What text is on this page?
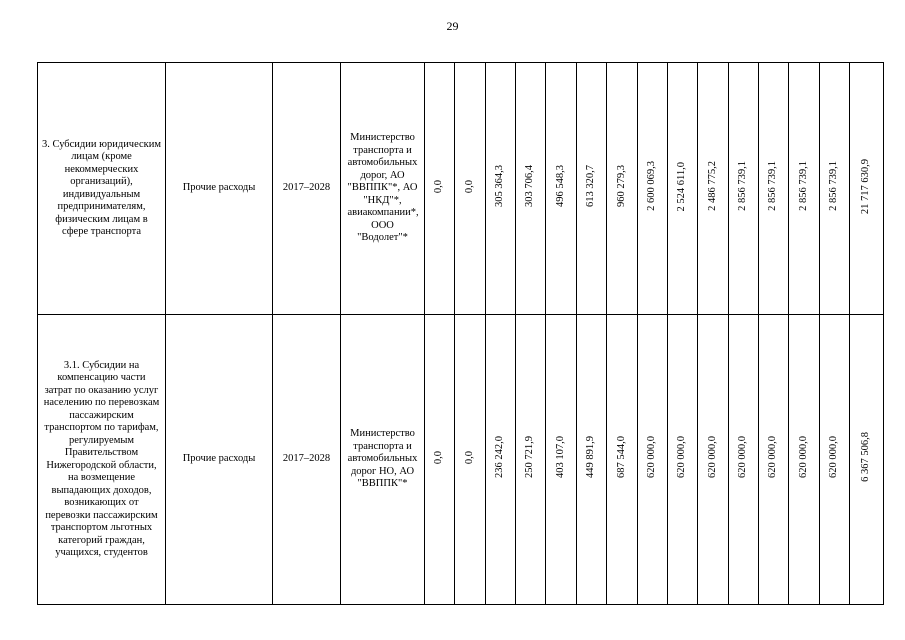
29
3. Субсидии юридическим лицам (кроме некоммерческих организаций), индивидуальным предпринимателям, физическим лицам в сфере транспорта	Прочие расходы	2017–2028	Министерство транспорта и автомобильных дорог, АО "ВВППК"*, АО "НКД"*, авиакомпании*, ООО "Водолет"*	0,0	0,0	305 364,3	303 706,4	496 548,3	613 320,7	960 279,3	2 600 069,3	2 524 611,0	2 486 775,2	2 856 739,1	2 856 739,1	2 856 739,1	2 856 739,1	21 717 630,9
3.1. Субсидии на компенсацию части затрат по оказанию услуг населению по перевозкам пассажирским транспортом по тарифам, регулируемым Правительством Нижегородской области, на возмещение выпадающих доходов, возникающих от перевозки пассажирским транспортом льготных категорий граждан, учащихся, студентов	Прочие расходы	2017–2028	Министерство транспорта и автомобильных дорог НО, АО "ВВППК"*	0,0	0,0	236 242,0	250 721,9	403 107,0	449 891,9	687 544,0	620 000,0	620 000,0	620 000,0	620 000,0	620 000,0	620 000,0	620 000,0	6 367 506,8
